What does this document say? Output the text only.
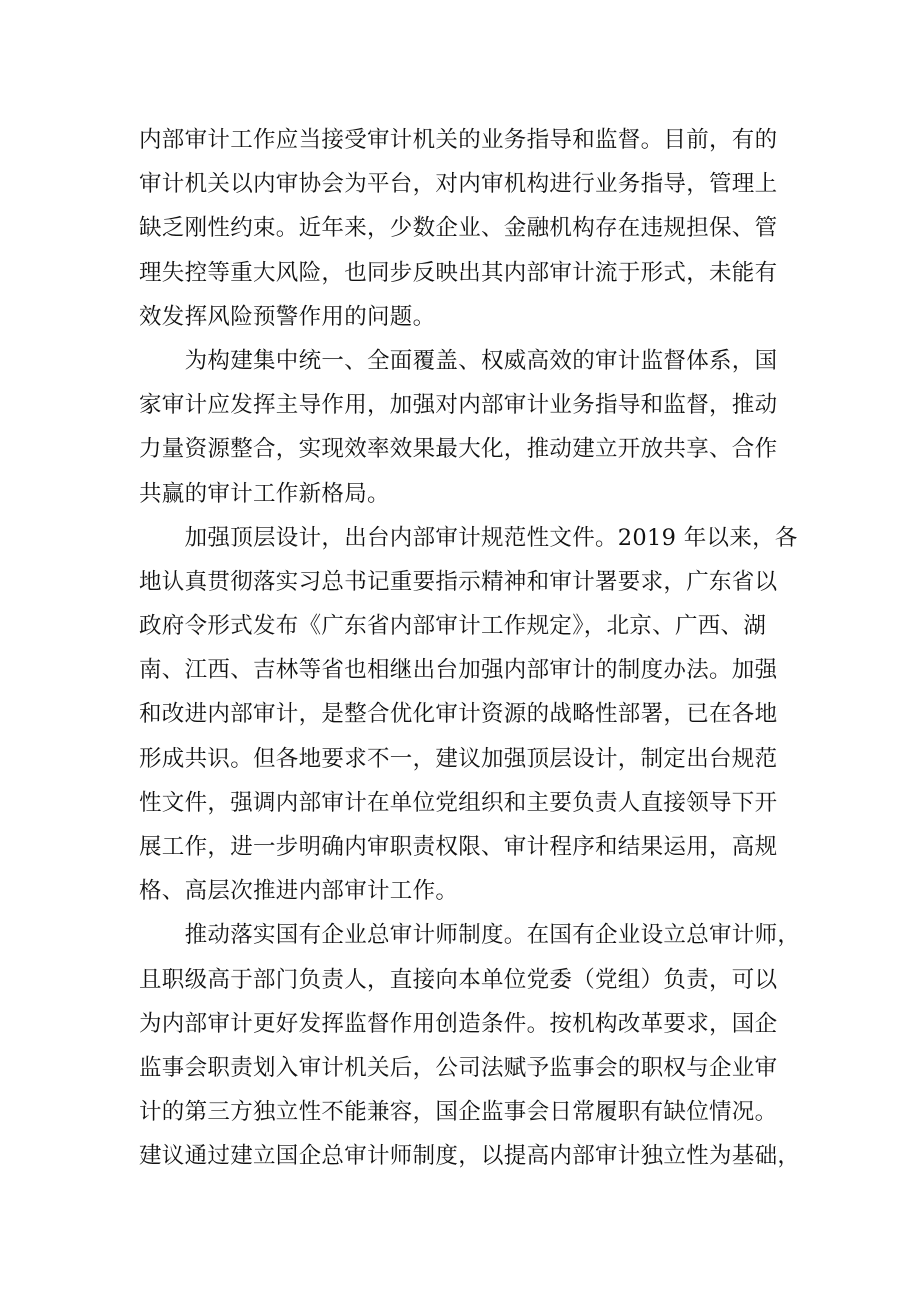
内部审计工作应当接受审计机关的业务指导和监督。目前，有的
审计机关以内审协会为平台，对内审机构进行业务指导，管理上
缺乏刚性约束。近年来，少数企业、金融机构存在违规担保、管
理失控等重大风险，也同步反映出其内部审计流于形式，未能有
效发挥风险预警作用的问题。

　　为构建集中统一、全面覆盖、权威高效的审计监督体系，国
家审计应发挥主导作用，加强对内部审计业务指导和监督，推动
力量资源整合，实现效率效果最大化，推动建立开放共享、合作
共赢的审计工作新格局。

　　加强顶层设计，出台内部审计规范性文件。2019 年以来，各
地认真贯彻落实习总书记重要指示精神和审计署要求，广东省以
政府令形式发布《广东省内部审计工作规定》，北京、广西、湖
南、江西、吉林等省也相继出台加强内部审计的制度办法。加强
和改进内部审计，是整合优化审计资源的战略性部署，已在各地
形成共识。但各地要求不一，建议加强顶层设计，制定出台规范
性文件，强调内部审计在单位党组织和主要负责人直接领导下开
展工作，进一步明确内审职责权限、审计程序和结果运用，高规
格、高层次推进内部审计工作。

　　推动落实国有企业总审计师制度。在国有企业设立总审计师，
且职级高于部门负责人，直接向本单位党委（党组）负责，可以
为内部审计更好发挥监督作用创造条件。按机构改革要求，国企
监事会职责划入审计机关后，公司法赋予监事会的职权与企业审
计的第三方独立性不能兼容，国企监事会日常履职有缺位情况。
建议通过建立国企总审计师制度，以提高内部审计独立性为基础，
